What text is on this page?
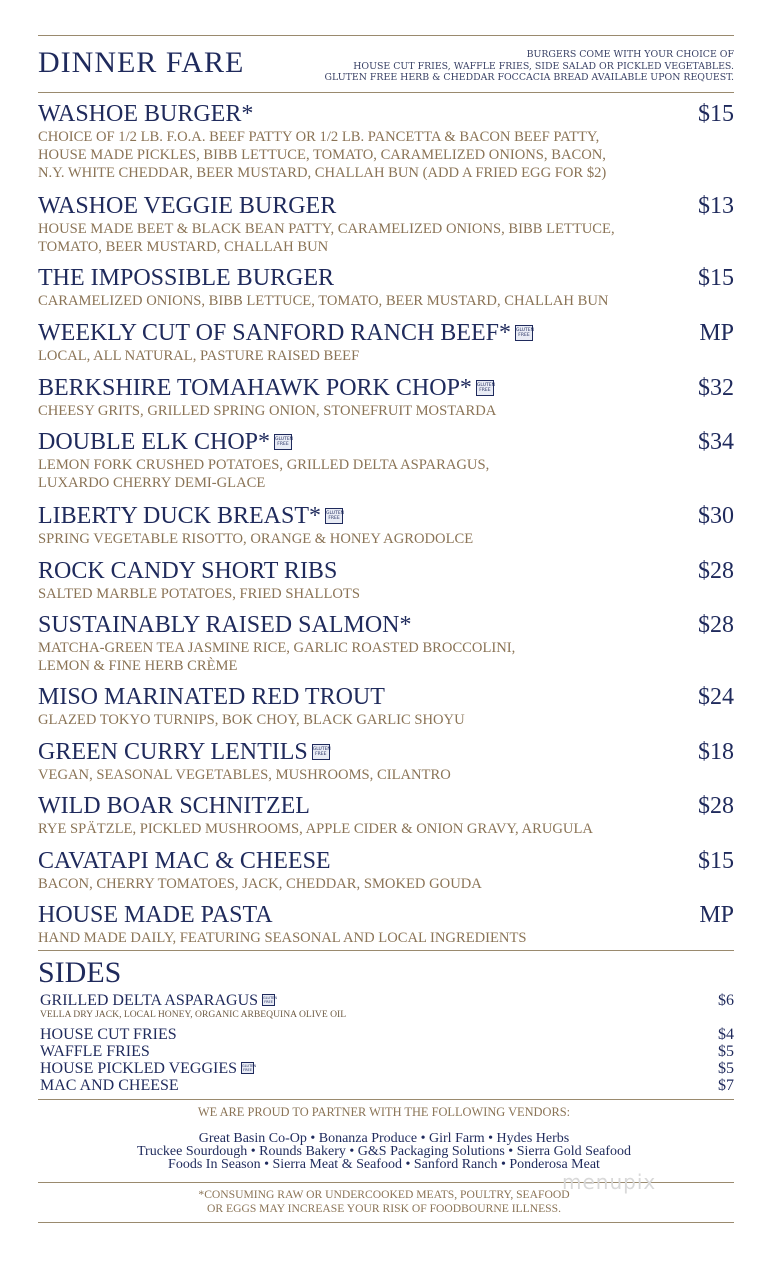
DINNER FARE	BURGERS COME WITH YOUR CHOICE OF
HOUSE CUT FRIES, WAFFLE FRIES, SIDE SALAD OR PICKLED VEGETABLES.
GLUTEN FREE HERB & CHEDDAR FOCCACIA BREAD AVAILABLE UPON REQUEST.
WASHOE BURGER*	$15
CHOICE OF 1/2 LB. F.O.A. BEEF PATTY OR 1/2 LB. PANCETTA & BACON BEEF PATTY,
HOUSE MADE PICKLES, BIBB LETTUCE, TOMATO, CARAMELIZED ONIONS, BACON,
N.Y. WHITE CHEDDAR, BEER MUSTARD, CHALLAH BUN (ADD A FRIED EGG FOR $2)
WASHOE VEGGIE BURGER	$13
HOUSE MADE BEET & BLACK BEAN PATTY, CARAMELIZED ONIONS, BIBB LETTUCE,
TOMATO, BEER MUSTARD, CHALLAH BUN
THE IMPOSSIBLE BURGER	$15
CARAMELIZED ONIONS, BIBB LETTUCE, TOMATO, BEER MUSTARD, CHALLAH BUN
WEEKLY CUT OF SANFORD RANCH BEEF* GLUTEN
FREE	MP
LOCAL, ALL NATURAL, PASTURE RAISED BEEF
BERKSHIRE TOMAHAWK PORK CHOP* GLUTEN
FREE	$32
CHEESY GRITS, GRILLED SPRING ONION, STONEFRUIT MOSTARDA
DOUBLE ELK CHOP* GLUTEN
FREE	$34
LEMON FORK CRUSHED POTATOES, GRILLED DELTA ASPARAGUS,
LUXARDO CHERRY DEMI-GLACE
LIBERTY DUCK BREAST* GLUTEN
FREE	$30
SPRING VEGETABLE RISOTTO, ORANGE & HONEY AGRODOLCE
ROCK CANDY SHORT RIBS	$28
SALTED MARBLE POTATOES, FRIED SHALLOTS
SUSTAINABLY RAISED SALMON*	$28
MATCHA-GREEN TEA JASMINE RICE, GARLIC ROASTED BROCCOLINI,
LEMON & FINE HERB CRÈME
MISO MARINATED RED TROUT	$24
GLAZED TOKYO TURNIPS, BOK CHOY, BLACK GARLIC SHOYU
GREEN CURRY LENTILS GLUTEN
FREE	$18
VEGAN, SEASONAL VEGETABLES, MUSHROOMS, CILANTRO
WILD BOAR SCHNITZEL	$28
RYE SPÄTZLE, PICKLED MUSHROOMS, APPLE CIDER & ONION GRAVY, ARUGULA
CAVATAPI MAC & CHEESE	$15
BACON, CHERRY TOMATOES, JACK, CHEDDAR, SMOKED GOUDA
HOUSE MADE PASTA	MP
HAND MADE DAILY, FEATURING SEASONAL AND LOCAL INGREDIENTS
SIDES
GRILLED DELTA ASPARAGUS GLUTEN
FREE	$6
VELLA DRY JACK, LOCAL HONEY, ORGANIC ARBEQUINA OLIVE OIL
HOUSE CUT FRIES	$4
WAFFLE FRIES	$5
HOUSE PICKLED VEGGIES GLUTEN
FREE	$5
MAC AND CHEESE	$7
WE ARE PROUD TO PARTNER WITH THE FOLLOWING VENDORS:
Great Basin Co-Op • Bonanza Produce • Girl Farm • Hydes Herbs
Truckee Sourdough • Rounds Bakery • G&S Packaging Solutions • Sierra Gold Seafood
Foods In Season • Sierra Meat & Seafood • Sanford Ranch • Ponderosa Meat
*CONSUMING RAW OR UNDERCOOKED MEATS, POULTRY, SEAFOOD
OR EGGS MAY INCREASE YOUR RISK OF FOODBOURNE ILLNESS.
menupix
